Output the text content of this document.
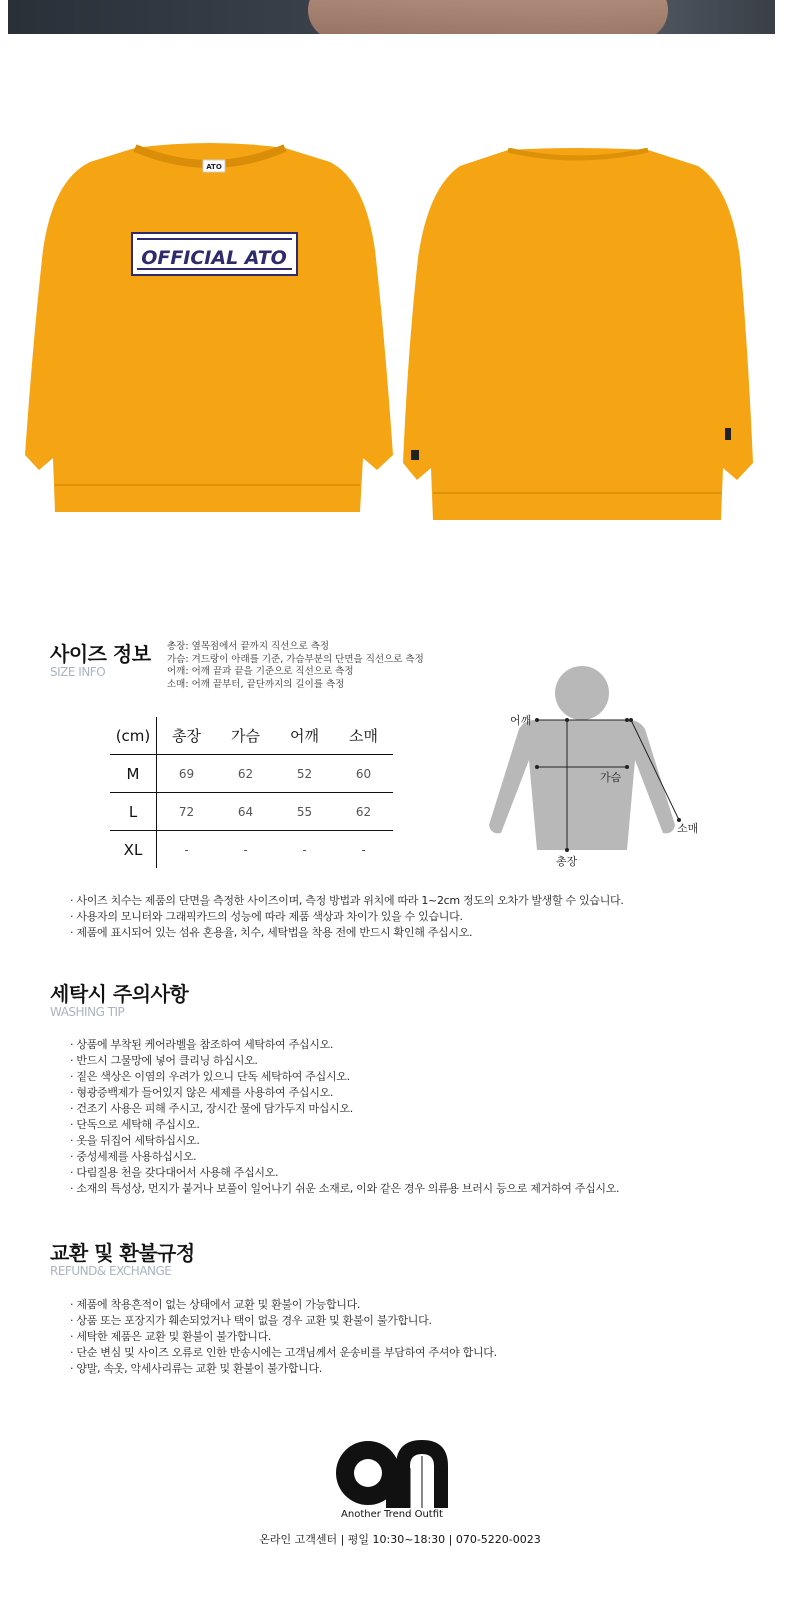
ATO
OFFICIAL ATO
사이즈 정보
SIZE INFO
총장: 옆목점에서 끝까지 직선으로 측정
가슴: 겨드랑이 아래를 기준, 가슴부분의 단면을 직선으로 측정
어깨: 어깨 끝과 끝을 기준으로 직선으로 측정
소매: 어깨 끝부터, 끝단까지의 길이를 측정
(cm)	총장	가슴	어깨	소매
M	69	62	52	60
L	72	64	55	62
XL	-	-	-	-
어깨
가슴
소매
총장
· 사이즈 치수는 제품의 단면을 측정한 사이즈이며, 측정 방법과 위치에 따라 1~2cm 정도의 오차가 발생할 수 있습니다.
· 사용자의 모니터와 그래픽카드의 성능에 따라 제품 색상과 차이가 있을 수 있습니다.
· 제품에 표시되어 있는 섬유 혼용율, 치수, 세탁법을 착용 전에 반드시 확인해 주십시오.
세탁시 주의사항
WASHING TIP
· 상품에 부착된 케어라벨을 참조하여 세탁하여 주십시오.
· 반드시 그물망에 넣어 클리닝 하십시오.
· 짙은 색상은 이염의 우려가 있으니 단독 세탁하여 주십시오.
· 형광증백제가 들어있지 않은 세제를 사용하여 주십시오.
· 건조기 사용은 피해 주시고, 장시간 물에 담가두지 마십시오.
· 단독으로 세탁해 주십시오.
· 옷을 뒤집어 세탁하십시오.
· 중성세제를 사용하십시오.
· 다림질용 천을 갖다대어서 사용해 주십시오.
· 소재의 특성상, 먼지가 붙거나 보풀이 일어나기 쉬운 소재로, 이와 같은 경우 의류용 브러시 등으로 제거하여 주십시오.
교환 및 환불규정
REFUND& EXCHANGE
· 제품에 착용흔적이 없는 상태에서 교환 및 환불이 가능합니다.
· 상품 또는 포장지가 훼손되었거나 택이 없을 경우 교환 및 환불이 불가합니다.
· 세탁한 제품은 교환 및 환불이 불가합니다.
· 단순 변심 및 사이즈 오류로 인한 반송시에는 고객님께서 운송비를 부담하여 주셔야 합니다.
· 양말, 속옷, 악세사리류는 교환 및 환불이 불가합니다.
Another Trend Outfit
온라인 고객센터 | 평일 10:30~18:30 | 070-5220-0023
